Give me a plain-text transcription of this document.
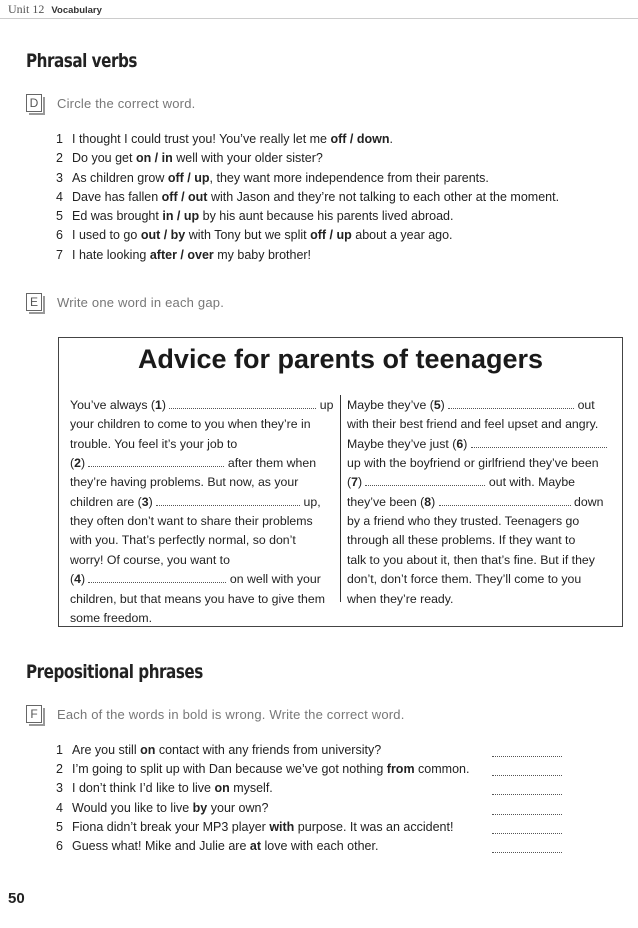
Unit 12 Vocabulary
Phrasal verbs
D Circle the correct word.
1 I thought I could trust you! You’ve really let me off / down.
2 Do you get on / in well with your older sister?
3 As children grow off / up, they want more independence from their parents.
4 Dave has fallen off / out with Jason and they’re not talking to each other at the moment.
5 Ed was brought in / up by his aunt because his parents lived abroad.
6 I used to go out / by with Tony but we split off / up about a year ago.
7 I hate looking after / over my baby brother!
E	Write one word in each gap.
Advice for parents of teenagers
You’ve always (1)	up
your children to come to you when they’re in
trouble. You feel it’s your job to
(2)	after them when
they’re having problems. But now, as your
children are (3)	up,
they often don’t want to share their problems
with you. That’s perfectly normal, so don’t
worry! Of course, you want to
(4)	on well with your
children, but that means you have to give them
some freedom.
Maybe they’ve (5)	out
with their best friend and feel upset and angry.
Maybe they’ve just (6)
up with the boyfriend or girlfriend they’ve been
(7)	out with. Maybe
they’ve been (8)	down
by a friend who they trusted. Teenagers go
through all these problems. If they want to
talk to you about it, then that’s fine. But if they
don’t, don’t force them. They’ll come to you
when they’re ready.
Prepositional phrases
F	Each of the words in bold is wrong. Write the correct word.
1 Are you still on contact with any friends from university?
2 I’m going to split up with Dan because we’ve got nothing from common.
3 I don’t think I’d like to live on myself.
4 Would you like to live by your own?
5 Fiona didn’t break your MP3 player with purpose. It was an accident!
6 Guess what! Mike and Julie are at love with each other.
50
